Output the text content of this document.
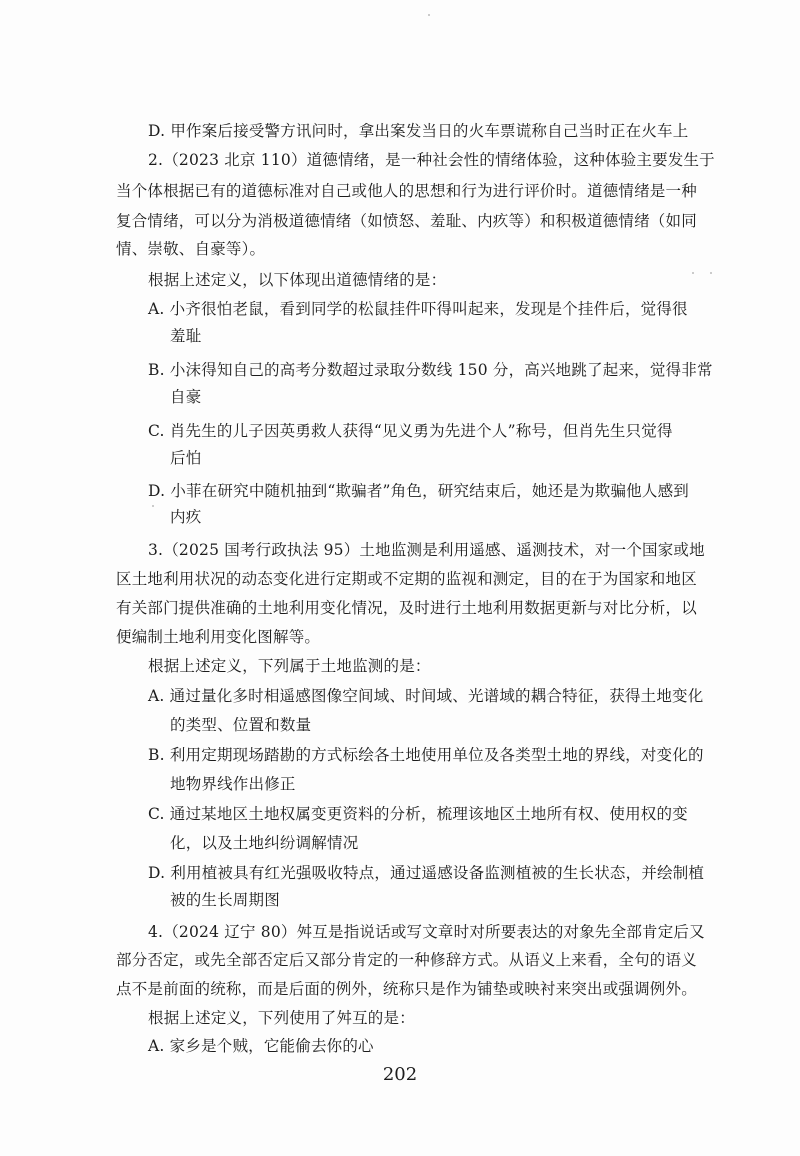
D. 甲作案后接受警方讯问时，拿出案发当日的火车票谎称自己当时正在火车上
2.（2023 北京 110）道德情绪，是一种社会性的情绪体验，这种体验主要发生于
当个体根据已有的道德标准对自己或他人的思想和行为进行评价时。道德情绪是一种
复合情绪，可以分为消极道德情绪（如愤怒、羞耻、内疚等）和积极道德情绪（如同
情、崇敬、自豪等）。
根据上述定义，以下体现出道德情绪的是：
A. 小齐很怕老鼠，看到同学的松鼠挂件吓得叫起来，发现是个挂件后，觉得很
羞耻
B. 小沫得知自己的高考分数超过录取分数线 150 分，高兴地跳了起来，觉得非常
自豪
C. 肖先生的儿子因英勇救人获得“见义勇为先进个人”称号，但肖先生只觉得
后怕
D. 小菲在研究中随机抽到“欺骗者”角色，研究结束后，她还是为欺骗他人感到
内疚
3.（2025 国考行政执法 95）土地监测是利用遥感、遥测技术，对一个国家或地
区土地利用状况的动态变化进行定期或不定期的监视和测定，目的在于为国家和地区
有关部门提供准确的土地利用变化情况，及时进行土地利用数据更新与对比分析，以
便编制土地利用变化图解等。
根据上述定义，下列属于土地监测的是：
A. 通过量化多时相遥感图像空间域、时间域、光谱域的耦合特征，获得土地变化
的类型、位置和数量
B. 利用定期现场踏勘的方式标绘各土地使用单位及各类型土地的界线，对变化的
地物界线作出修正
C. 通过某地区土地权属变更资料的分析，梳理该地区土地所有权、使用权的变
化，以及土地纠纷调解情况
D. 利用植被具有红光强吸收特点，通过遥感设备监测植被的生长状态，并绘制植
被的生长周期图
4.（2024 辽宁 80）舛互是指说话或写文章时对所要表达的对象先全部肯定后又
部分否定，或先全部否定后又部分肯定的一种修辞方式。从语义上来看，全句的语义
点不是前面的统称，而是后面的例外，统称只是作为铺垫或映衬来突出或强调例外。
根据上述定义，下列使用了舛互的是：
A. 家乡是个贼，它能偷去你的心
202
